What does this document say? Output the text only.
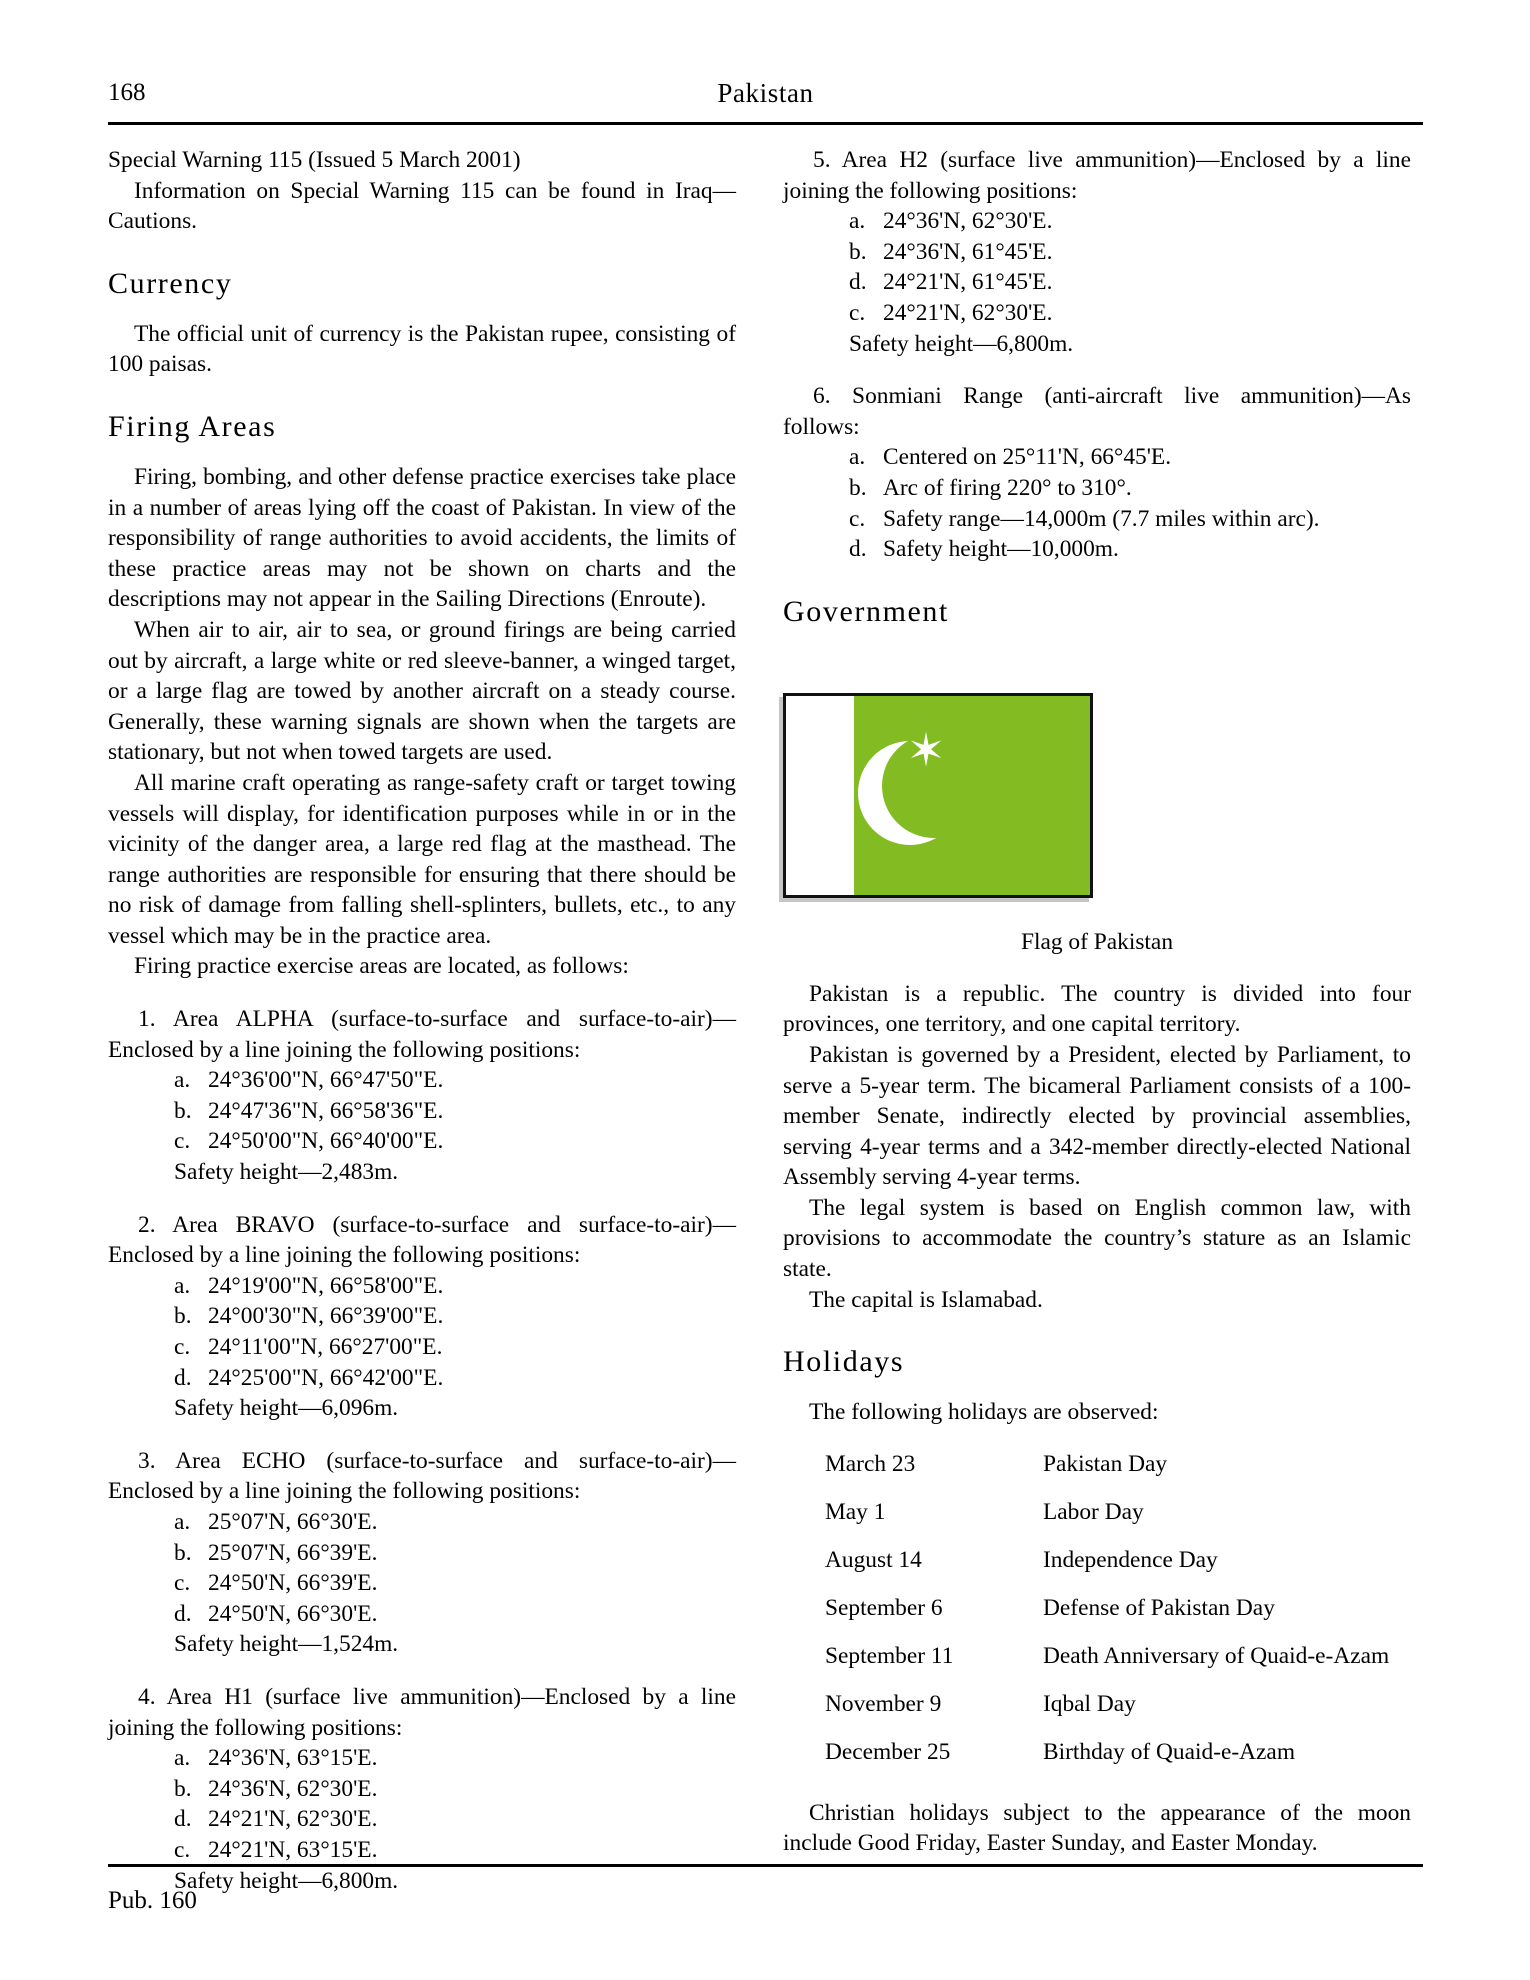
168	Pakistan

Special Warning 115 (Issued 5 March 2001)

Information on Special Warning 115 can be found in Iraq—Cautions.

Currency

The official unit of currency is the Pakistan rupee, consisting of 100 paisas.

Firing Areas

Firing, bombing, and other defense practice exercises take place in a number of areas lying off the coast of Pakistan. In view of the responsibility of range authorities to avoid accidents, the limits of these practice areas may not be shown on charts and the descriptions may not appear in the Sailing Directions (Enroute).

When air to air, air to sea, or ground firings are being carried out by aircraft, a large white or red sleeve-banner, a winged target, or a large flag are towed by another aircraft on a steady course. Generally, these warning signals are shown when the targets are stationary, but not when towed targets are used.

All marine craft operating as range-safety craft or target towing vessels will display, for identification purposes while in or in the vicinity of the danger area, a large red flag at the masthead. The range authorities are responsible for ensuring that there should be no risk of damage from falling shell-splinters, bullets, etc., to any vessel which may be in the practice area.

Firing practice exercise areas are located, as follows:

1. Area ALPHA (surface-to-surface and surface-to-air)—Enclosed by a line joining the following positions:

a. 24°36'00"N, 66°47'50"E.

b. 24°47'36"N, 66°58'36"E.

c. 24°50'00"N, 66°40'00"E.

Safety height—2,483m.

2. Area BRAVO (surface-to-surface and surface-to-air)—Enclosed by a line joining the following positions:

a. 24°19'00"N, 66°58'00"E.

b. 24°00'30"N, 66°39'00"E.

c. 24°11'00"N, 66°27'00"E.

d. 24°25'00"N, 66°42'00"E.

Safety height—6,096m.

3. Area ECHO (surface-to-surface and surface-to-air)—Enclosed by a line joining the following positions:

a. 25°07'N, 66°30'E.

b. 25°07'N, 66°39'E.

c. 24°50'N, 66°39'E.

d. 24°50'N, 66°30'E.

Safety height—1,524m.

4. Area H1 (surface live ammunition)—Enclosed by a line joining the following positions:

a. 24°36'N, 63°15'E.

b. 24°36'N, 62°30'E.

d. 24°21'N, 62°30'E.

c. 24°21'N, 63°15'E.

Safety height—6,800m.

5. Area H2 (surface live ammunition)—Enclosed by a line joining the following positions:

a. 24°36'N, 62°30'E.

b. 24°36'N, 61°45'E.

d. 24°21'N, 61°45'E.

c. 24°21'N, 62°30'E.

Safety height—6,800m.

6. Sonmiani Range (anti-aircraft live ammunition)—As follows:

a. Centered on 25°11'N, 66°45'E.

b. Arc of firing 220° to 310°.

c. Safety range—14,000m (7.7 miles within arc).

d. Safety height—10,000m.

Government
✶

Flag of Pakistan

Pakistan is a republic. The country is divided into four provinces, one territory, and one capital territory.

Pakistan is governed by a President, elected by Parliament, to serve a 5-year term. The bicameral Parliament consists of a 100-member Senate, indirectly elected by provincial assemblies, serving 4-year terms and a 342-member directly-elected National Assembly serving 4-year terms.

The legal system is based on English common law, with provisions to accommodate the country’s stature as an Islamic state.

The capital is Islamabad.

Holidays

The following holidays are observed:

March 23	Pakistan Day
May 1	Labor Day
August 14	Independence Day
September 6	Defense of Pakistan Day
September 11	Death Anniversary of Quaid-e-Azam
November 9	Iqbal Day
December 25	Birthday of Quaid-e-Azam

Christian holidays subject to the appearance of the moon include Good Friday, Easter Sunday, and Easter Monday.

Pub. 160
